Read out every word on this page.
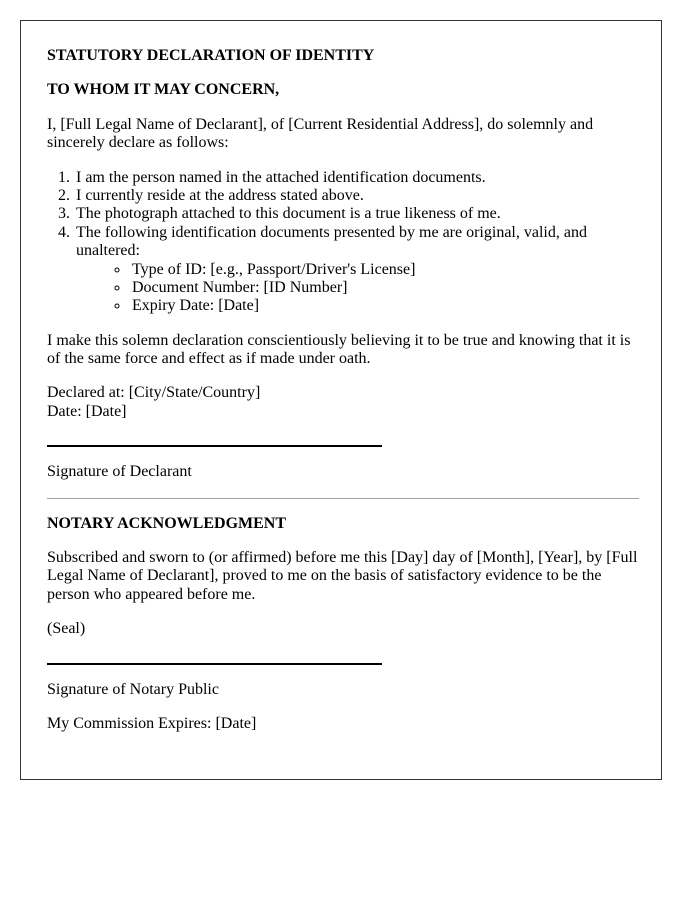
STATUTORY DECLARATION OF IDENTITY

TO WHOM IT MAY CONCERN,

I, [Full Legal Name of Declarant], of [Current Residential Address], do solemnly and sincerely declare as follows:

1. I am the person named in the attached identification documents.
2. I currently reside at the address stated above.
3. The photograph attached to this document is a true likeness of me.
4. The following identification documents presented by me are original, valid, and unaltered:
◦ Type of ID: [e.g., Passport/Driver's License]
◦ Document Number: [ID Number]
◦ Expiry Date: [Date]

I make this solemn declaration conscientiously believing it to be true and knowing that it is of the same force and effect as if made under oath.

Declared at: [City/State/Country]
Date: [Date]

Signature of Declarant

NOTARY ACKNOWLEDGMENT

Subscribed and sworn to (or affirmed) before me this [Day] day of [Month], [Year], by [Full Legal Name of Declarant], proved to me on the basis of satisfactory evidence to be the person who appeared before me.

(Seal)

Signature of Notary Public

My Commission Expires: [Date]
